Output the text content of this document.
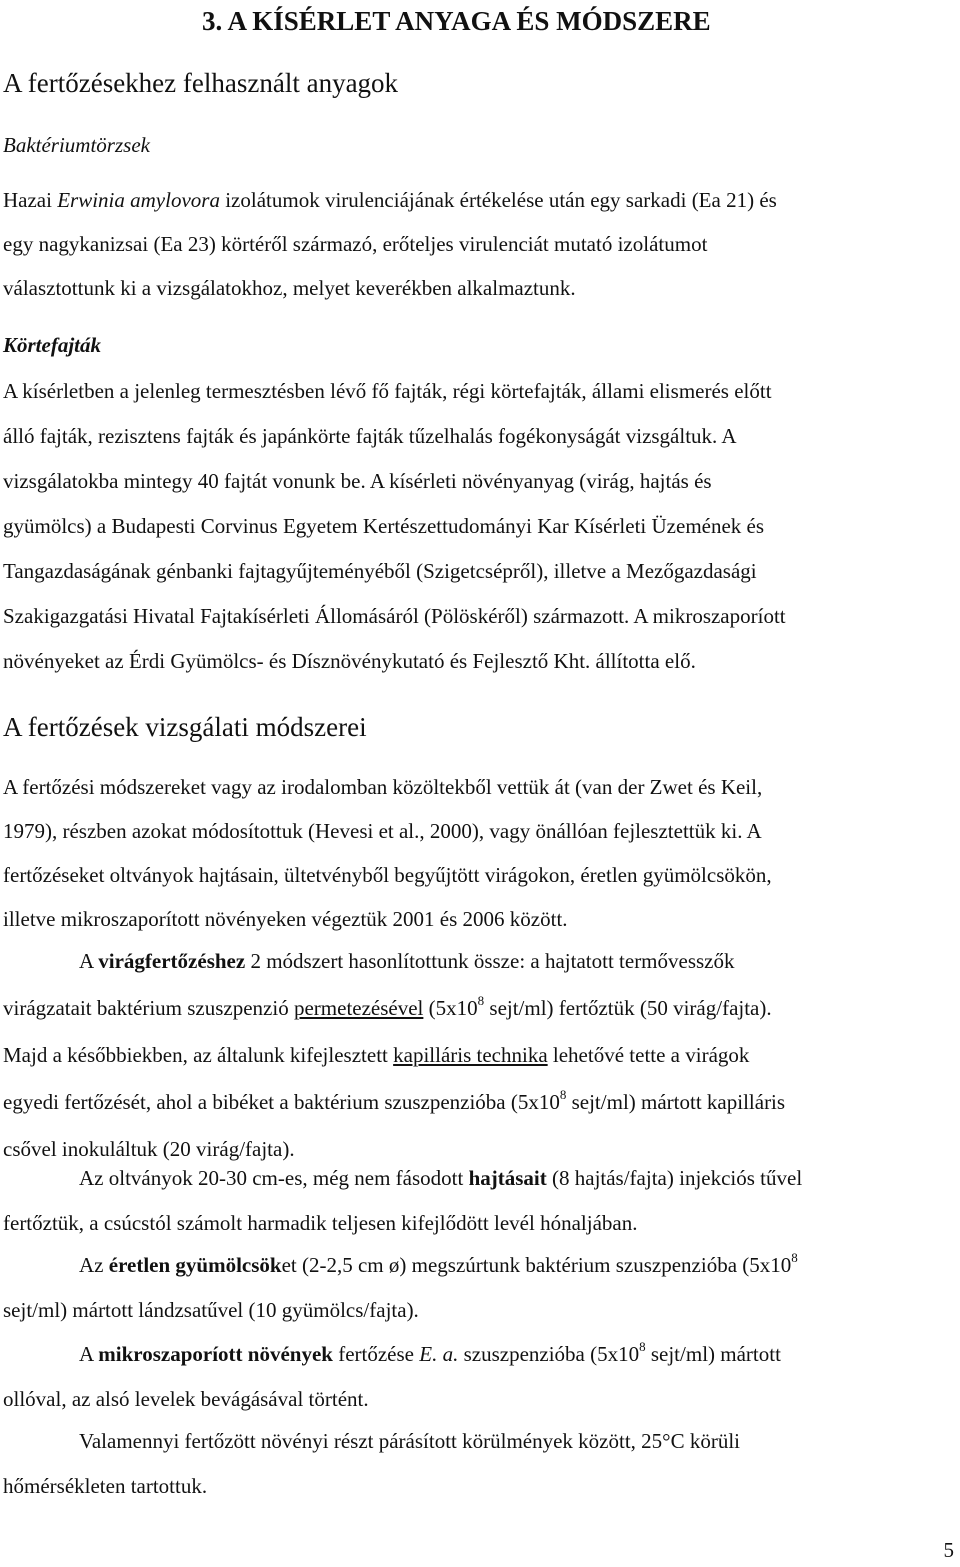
3. A KÍSÉRLET ANYAGA ÉS MÓDSZERE
A fertőzésekhez felhasznált anyagok
Baktériumtörzsek
Hazai Erwinia amylovora izolátumok virulenciájának értékelése után egy sarkadi (Ea 21) és
egy nagykanizsai (Ea 23) körtéről származó, erőteljes virulenciát mutató izolátumot
választottunk ki a vizsgálatokhoz, melyet keverékben alkalmaztunk.
Körtefajták
A kísérletben a jelenleg termesztésben lévő fő fajták, régi körtefajták, állami elismerés előtt
álló fajták, rezisztens fajták és japánkörte fajták tűzelhalás fogékonyságát vizsgáltuk. A
vizsgálatokba mintegy 40 fajtát vonunk be. A kísérleti növényanyag (virág, hajtás és
gyümölcs) a Budapesti Corvinus Egyetem Kertészettudományi Kar Kísérleti Üzemének és
Tangazdaságának génbanki fajtagyűjteményéből (Szigetcsépről), illetve a Mezőgazdasági
Szakigazgatási Hivatal Fajtakísérleti Állomásáról (Pölöskéről) származott. A mikroszaporíott
növényeket az Érdi Gyümölcs- és Dísznövénykutató és Fejlesztő Kht. állította elő.
A fertőzések vizsgálati módszerei
A fertőzési módszereket vagy az irodalomban közöltekből vettük át (van der Zwet és Keil,
1979), részben azokat módosítottuk (Hevesi et al., 2000), vagy önállóan fejlesztettük ki. A
fertőzéseket oltványok hajtásain, ültetvényből begyűjtött virágokon, éretlen gyümölcsökön,
illetve mikroszaporított növényeken végeztük 2001 és 2006 között.
A virágfertőzéshez 2 módszert hasonlítottunk össze: a hajtatott termővesszők
virágzatait baktérium szuszpenzió permetezésével ($5x10^8$ sejt/ml) fertőztük (50 virág/fajta).
Majd a későbbiekben, az általunk kifejlesztett kapilláris technika lehetővé tette a virágok
egyedi fertőzését, ahol a bibéket a baktérium szuszpenzióba ($5x10^8$ sejt/ml) mártott kapilláris
csővel inokuláltuk (20 virág/fajta).
Az oltványok 20-30 cm-es, még nem fásodott hajtásait (8 hajtás/fajta) injekciós tűvel
fertőztük, a csúcstól számolt harmadik teljesen kifejlődött levél hónaljában.
Az éretlen gyümölcsöket (2-2,5 cm ø) megszúrtunk baktérium szuszpenzióba ($5x10^8$
sejt/ml) mártott lándzsatűvel (10 gyümölcs/fajta).
A mikroszaporíott növények fertőzése E. a. szuszpenzióba ($5x10^8$ sejt/ml) mártott
ollóval, az alsó levelek bevágásával történt.
Valamennyi fertőzött növényi részt párásított körülmények között, 25°C körüli
hőmérsékleten tartottuk.
5
